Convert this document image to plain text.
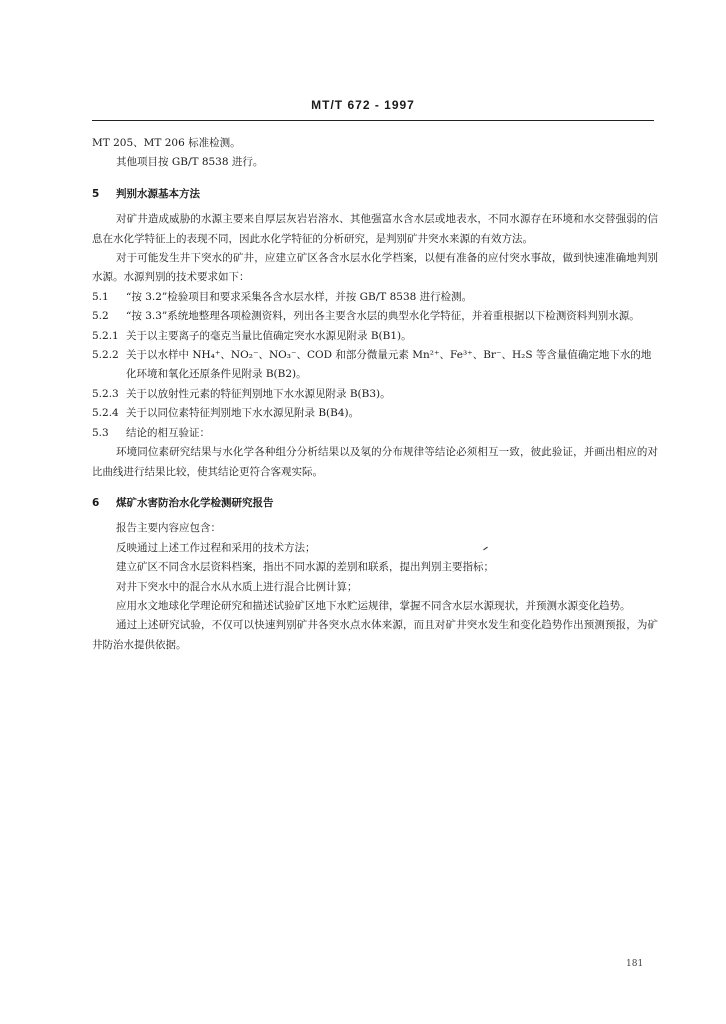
MT/T 672 - 1997
MT 205、MT 206 标准检测。
其他项目按 GB/T 8538 进行。
5 判别水源基本方法
对矿井造成威胁的水源主要来自厚层灰岩岩溶水、其他强富水含水层或地表水，不同水源存在环境和水交替强弱的信息在水化学特征上的表现不同，因此水化学特征的分析研究，是判别矿井突水来源的有效方法。
对于可能发生井下突水的矿井，应建立矿区各含水层水化学档案，以便有准备的应付突水事故，做到快速准确地判别水源。水源判别的技术要求如下：
5.1	“按 3.2”检验项目和要求采集各含水层水样，并按 GB/T 8538 进行检测。
5.2	“按 3.3”系统地整理各项检测资料，列出各主要含水层的典型水化学特征，并着重根据以下检测资料判别水源。
5.2.1 关于以主要离子的毫克当量比值确定突水水源见附录 B(B1)。
5.2.2 关于以水样中 NH₄⁺、NO₂⁻、NO₃⁻、COD 和部分微量元素 Mn²⁺、Fe³⁺、Br⁻、H₂S 等含量值确定地下水的地化环境和氧化还原条件见附录 B(B2)。
5.2.3 关于以放射性元素的特征判别地下水水源见附录 B(B3)。
5.2.4 关于以同位素特征判别地下水水源见附录 B(B4)。
5.3	结论的相互验证：
环境同位素研究结果与水化学各种组分分析结果以及氡的分布规律等结论必须相互一致，彼此验证，并画出相应的对比曲线进行结果比较，使其结论更符合客观实际。
6 煤矿水害防治水化学检测研究报告
报告主要内容应包含：
反映通过上述工作过程和采用的技术方法；
建立矿区不同含水层资料档案，指出不同水源的差别和联系，提出判别主要指标；
对井下突水中的混合水从水质上进行混合比例计算；
应用水文地球化学理论研究和描述试验矿区地下水贮运规律，掌握不同含水层水源现状，并预测水源变化趋势。
通过上述研究试验，不仅可以快速判别矿井各突水点水体来源，而且对矿井突水发生和变化趋势作出预测预报，为矿井防治水提供依据。
181
